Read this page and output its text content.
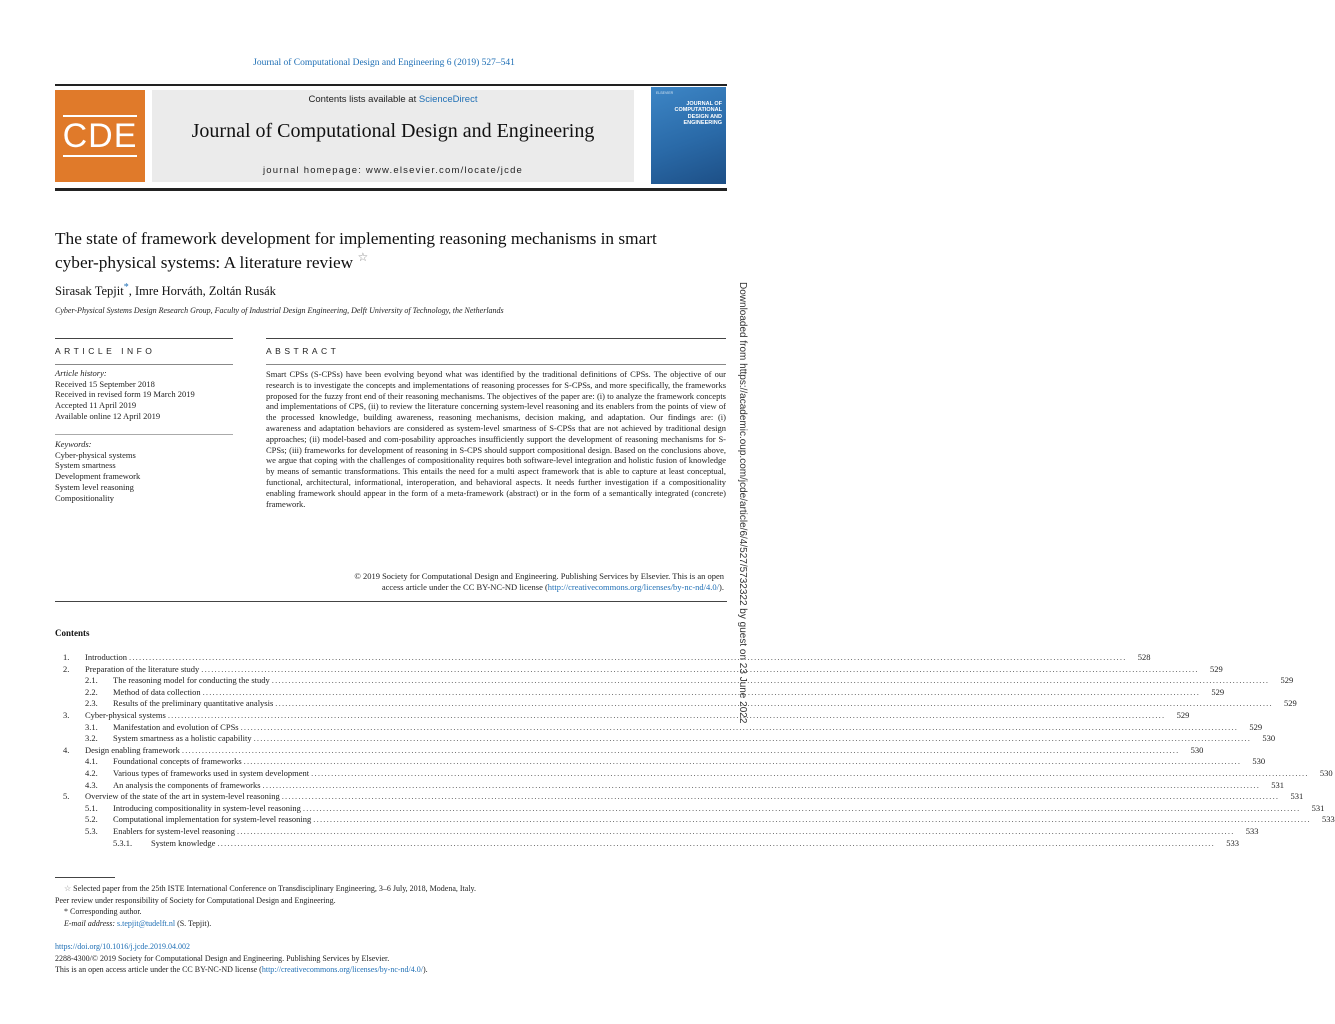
Journal of Computational Design and Engineering 6 (2019) 527–541
CDE
Contents lists available at ScienceDirect
Journal of Computational Design and Engineering
journal homepage: www.elsevier.com/locate/jcde
ELSEVIER
JOURNAL OF COMPUTATIONAL DESIGN AND ENGINEERING
The state of framework development for implementing reasoning mechanisms in smart cyber-physical systems: A literature review ☆
Sirasak Tepjit*, Imre Horváth, Zoltán Rusák
Cyber-Physical Systems Design Research Group, Faculty of Industrial Design Engineering, Delft University of Technology, the Netherlands
ARTICLE INFO	ABSTRACT
Article history:
Received 15 September 2018
Received in revised form 19 March 2019
Accepted 11 April 2019
Available online 12 April 2019
Keywords:
Cyber-physical systems
System smartness
Development framework
System level reasoning
Compositionality
Smart CPSs (S-CPSs) have been evolving beyond what was identified by the traditional definitions of CPSs. The objective of our research is to investigate the concepts and implementations of reasoning processes for S-CPSs, and more specifically, the frameworks proposed for the fuzzy front end of their reasoning mechanisms. The objectives of the paper are: (i) to analyze the framework concepts and implementations of CPS, (ii) to review the literature concerning system-level reasoning and its enablers from the points of view of the processed knowledge, building awareness, reasoning mechanisms, decision making, and adaptation. Our findings are: (i) awareness and adaptation behaviors are considered as system-level smartness of S-CPSs that are not achieved by traditional design approaches; (ii) model-based and com-posability approaches insufficiently support the development of reasoning mechanisms for S-CPSs; (iii) frameworks for development of reasoning in S-CPS should support compositional design. Based on the conclusions above, we argue that coping with the challenges of compositionality requires both software-level integration and holistic fusion of knowledge by means of semantic transformations. This entails the need for a multi aspect framework that is able to capture at least conceptual, functional, architectural, informational, interoperation, and behavioral aspects. It needs further investigation if a compositionality enabling framework should appear in the form of a meta-framework (abstract) or in the form of a semantically integrated (concrete) framework.
© 2019 Society for Computational Design and Engineering. Publishing Services by Elsevier. This is an open
access article under the CC BY-NC-ND license (http://creativecommons.org/licenses/by-nc-nd/4.0/).
Contents
1.	Introduction ............................................................................................................................................................................................................................................................................................................	528
2.	Preparation of the literature study ............................................................................................................................................................................................................................................................................................................	529
2.1.	The reasoning model for conducting the study ............................................................................................................................................................................................................................................................................................................	529
2.2.	Method of data collection ............................................................................................................................................................................................................................................................................................................	529
2.3.	Results of the preliminary quantitative analysis ............................................................................................................................................................................................................................................................................................................	529
3.	Cyber-physical systems ............................................................................................................................................................................................................................................................................................................	529
3.1.	Manifestation and evolution of CPSs ............................................................................................................................................................................................................................................................................................................	529
3.2.	System smartness as a holistic capability ............................................................................................................................................................................................................................................................................................................	530
4.	Design enabling framework ............................................................................................................................................................................................................................................................................................................	530
4.1.	Foundational concepts of frameworks ............................................................................................................................................................................................................................................................................................................	530
4.2.	Various types of frameworks used in system development ............................................................................................................................................................................................................................................................................................................	530
4.3.	An analysis the components of frameworks ............................................................................................................................................................................................................................................................................................................	531
5.	Overview of the state of the art in system-level reasoning ............................................................................................................................................................................................................................................................................................................	531
5.1.	Introducing compositionality in system-level reasoning ............................................................................................................................................................................................................................................................................................................	531
5.2.	Computational implementation for system-level reasoning ............................................................................................................................................................................................................................................................................................................	533
5.3.	Enablers for system-level reasoning ............................................................................................................................................................................................................................................................................................................	533
5.3.1.	System knowledge ............................................................................................................................................................................................................................................................................................................	533
☆ Selected paper from the 25th ISTE International Conference on Transdisciplinary Engineering, 3–6 July, 2018, Modena, Italy.
Peer review under responsibility of Society for Computational Design and Engineering.
* Corresponding author.
E-mail address: s.tepjit@tudelft.nl (S. Tepjit).
https://doi.org/10.1016/j.jcde.2019.04.002
2288-4300/© 2019 Society for Computational Design and Engineering. Publishing Services by Elsevier.
This is an open access article under the CC BY-NC-ND license (http://creativecommons.org/licenses/by-nc-nd/4.0/).
Downloaded from https://academic.oup.com/jcde/article/6/4/527/5732322 by guest on 23 June 2022
